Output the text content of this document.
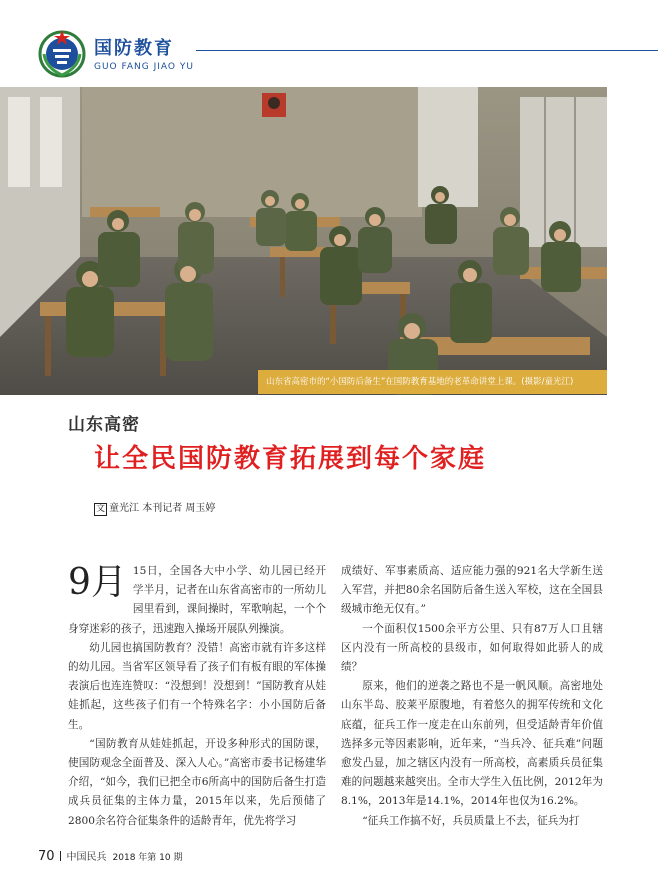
国防教育
GUO FANG JIAO YU
山东省高密市的“小国防后备生”在国防教育基地的老革命讲堂上课。(摄影/童光江)
山东高密
让全民国防教育拓展到每个家庭
文 童光江 本刊记者 周玉婷

9月 15日，全国各大中小学、幼儿园已经开学半月，记者在山东省高密市的一所幼儿园里看到，课间操时，军歌响起，一个个身穿迷彩的孩子，迅速跑入操场开展队列操演。

幼儿园也搞国防教育？没错！高密市就有许多这样的幼儿园。当省军区领导看了孩子们有板有眼的军体操表演后也连连赞叹：“没想到！没想到！”国防教育从娃娃抓起，这些孩子们有一个特殊名字：小小国防后备生。

“国防教育从娃娃抓起，开设多种形式的国防课，使国防观念全面普及、深入人心。”高密市委书记杨建华介绍，“如今，我们已把全市6所高中的国防后备生打造成兵员征集的主体力量，2015年以来，先后预储了2800余名符合征集条件的适龄青年，优先将学习

成绩好、军事素质高、适应能力强的921名大学新生送入军营，并把80余名国防后备生送入军校，这在全国县级城市绝无仅有。”

一个面积仅1500余平方公里、只有87万人口且辖区内没有一所高校的县级市，如何取得如此骄人的成绩？

原来，他们的逆袭之路也不是一帆风顺。高密地处山东半岛、胶莱平原腹地，有着悠久的拥军传统和文化底蕴，征兵工作一度走在山东前列，但受适龄青年价值选择多元等因素影响，近年来，“当兵冷、征兵难”问题愈发凸显，加之辖区内没有一所高校，高素质兵员征集难的问题越来越突出。全市大学生入伍比例，2012年为 8.1%，2013年是14.1%，2014年也仅为16.2%。

“征兵工作搞不好，兵员质量上不去，征兵为打

70 中国民兵 2018 年第 10 期
